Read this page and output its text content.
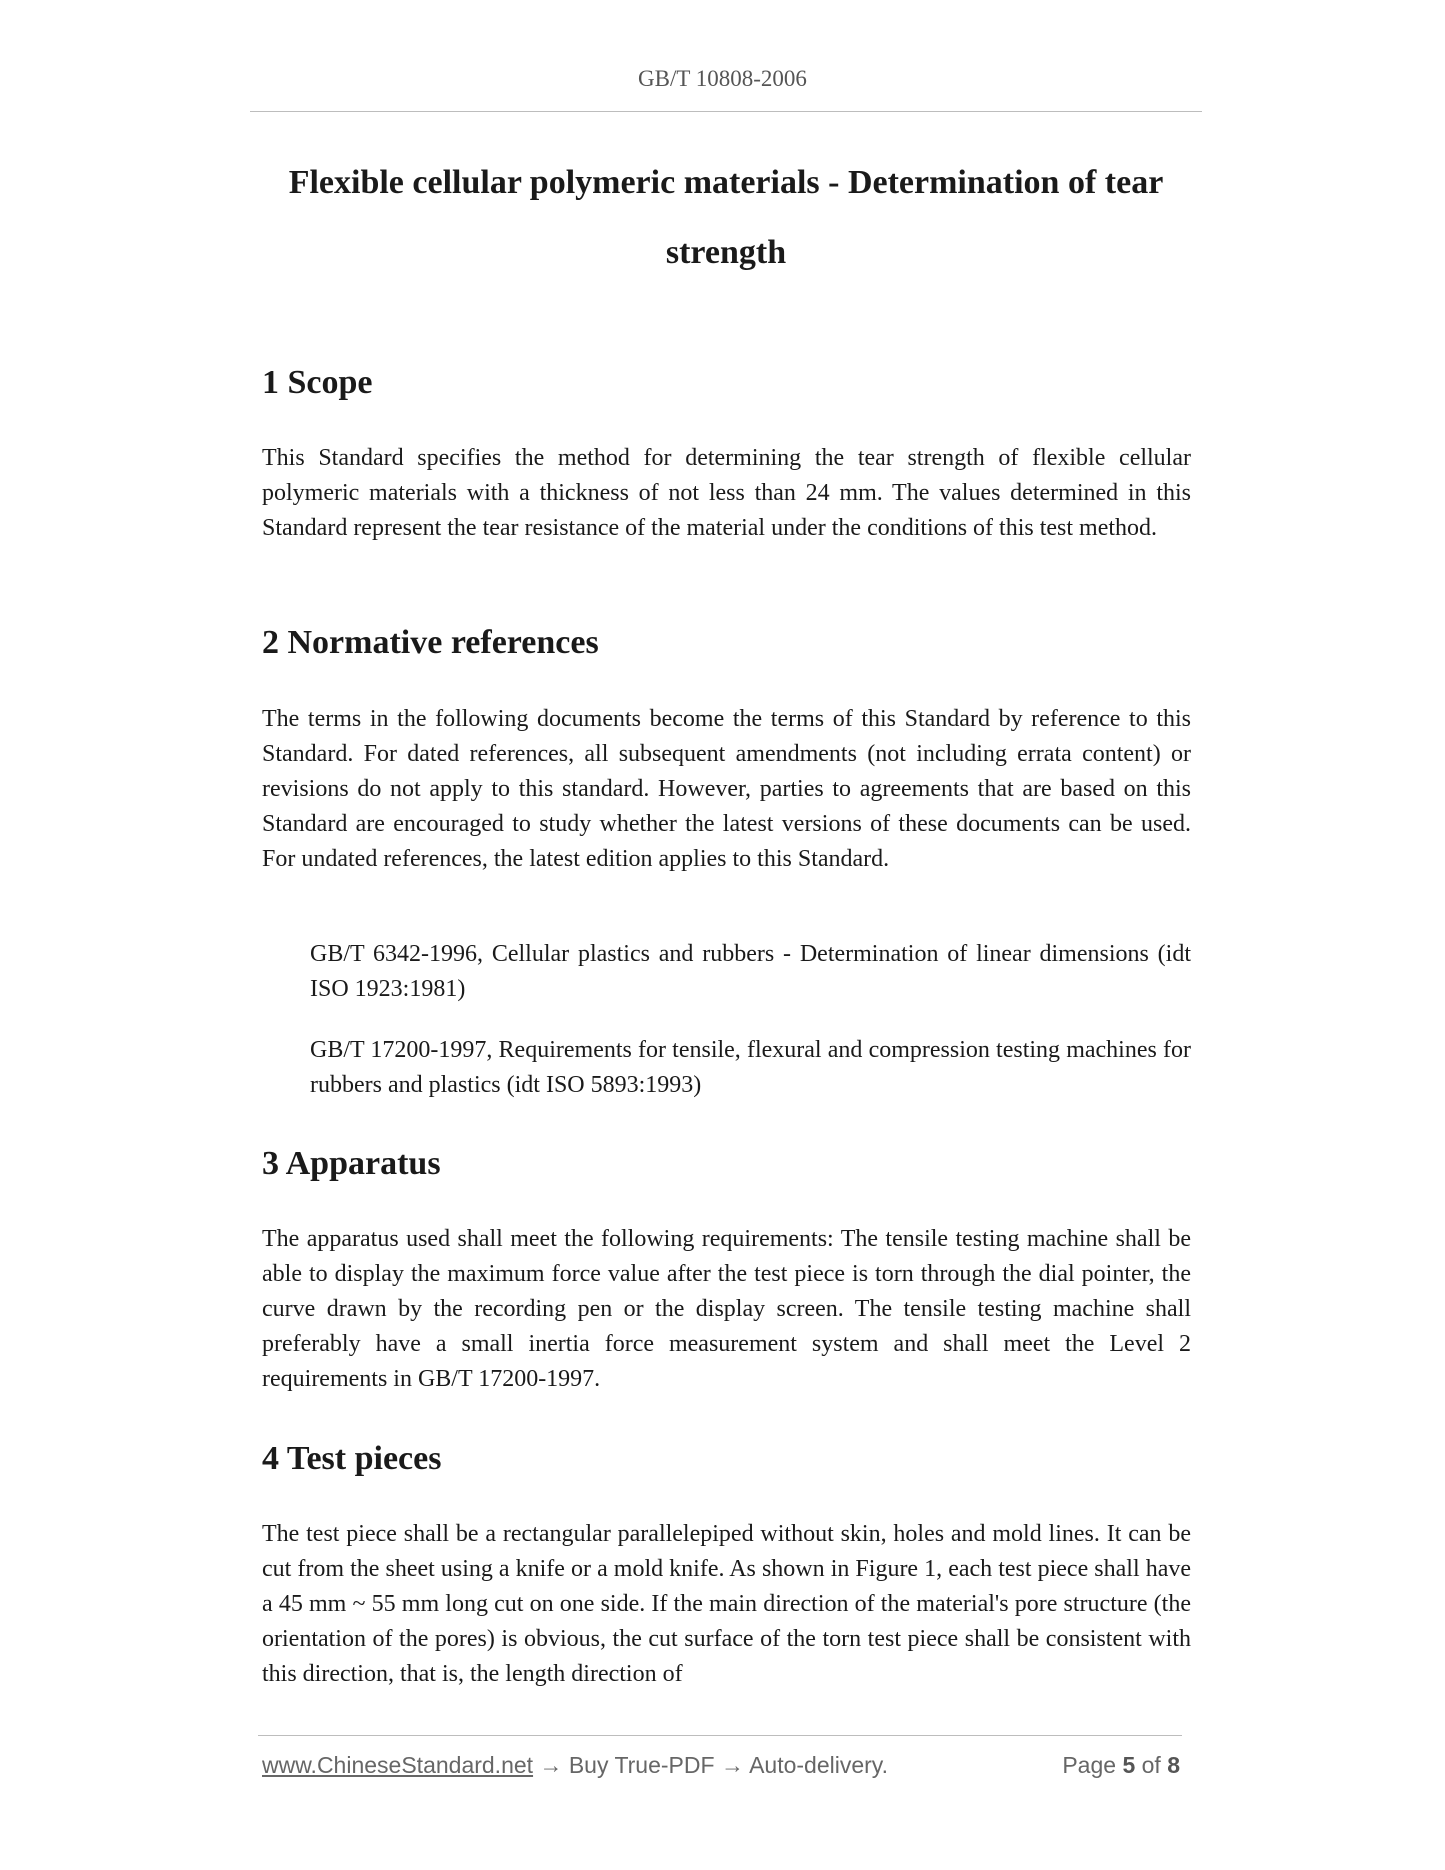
GB/T 10808-2006
Flexible cellular polymeric materials - Determination of tear strength
1 Scope

This Standard specifies the method for determining the tear strength of flexible cellular polymeric materials with a thickness of not less than 24 mm. The values determined in this Standard represent the tear resistance of the material under the conditions of this test method.

2 Normative references

The terms in the following documents become the terms of this Standard by reference to this Standard. For dated references, all subsequent amendments (not including errata content) or revisions do not apply to this standard. However, parties to agreements that are based on this Standard are encouraged to study whether the latest versions of these documents can be used. For undated references, the latest edition applies to this Standard.

GB/T 6342-1996, Cellular plastics and rubbers - Determination of linear dimensions (idt ISO 1923:1981)

GB/T 17200-1997, Requirements for tensile, flexural and compression testing machines for rubbers and plastics (idt ISO 5893:1993)

3 Apparatus

The apparatus used shall meet the following requirements: The tensile testing machine shall be able to display the maximum force value after the test piece is torn through the dial pointer, the curve drawn by the recording pen or the display screen. The tensile testing machine shall preferably have a small inertia force measurement system and shall meet the Level 2 requirements in GB/T 17200-1997.

4 Test pieces

The test piece shall be a rectangular parallelepiped without skin, holes and mold lines. It can be cut from the sheet using a knife or a mold knife. As shown in Figure 1, each test piece shall have a 45 mm ~ 55 mm long cut on one side. If the main direction of the material's pore structure (the orientation of the pores) is obvious, the cut surface of the torn test piece shall be consistent with this direction, that is, the length direction of

www.ChineseStandard.net → Buy True-PDF → Auto-delivery.	Page 5 of 8
